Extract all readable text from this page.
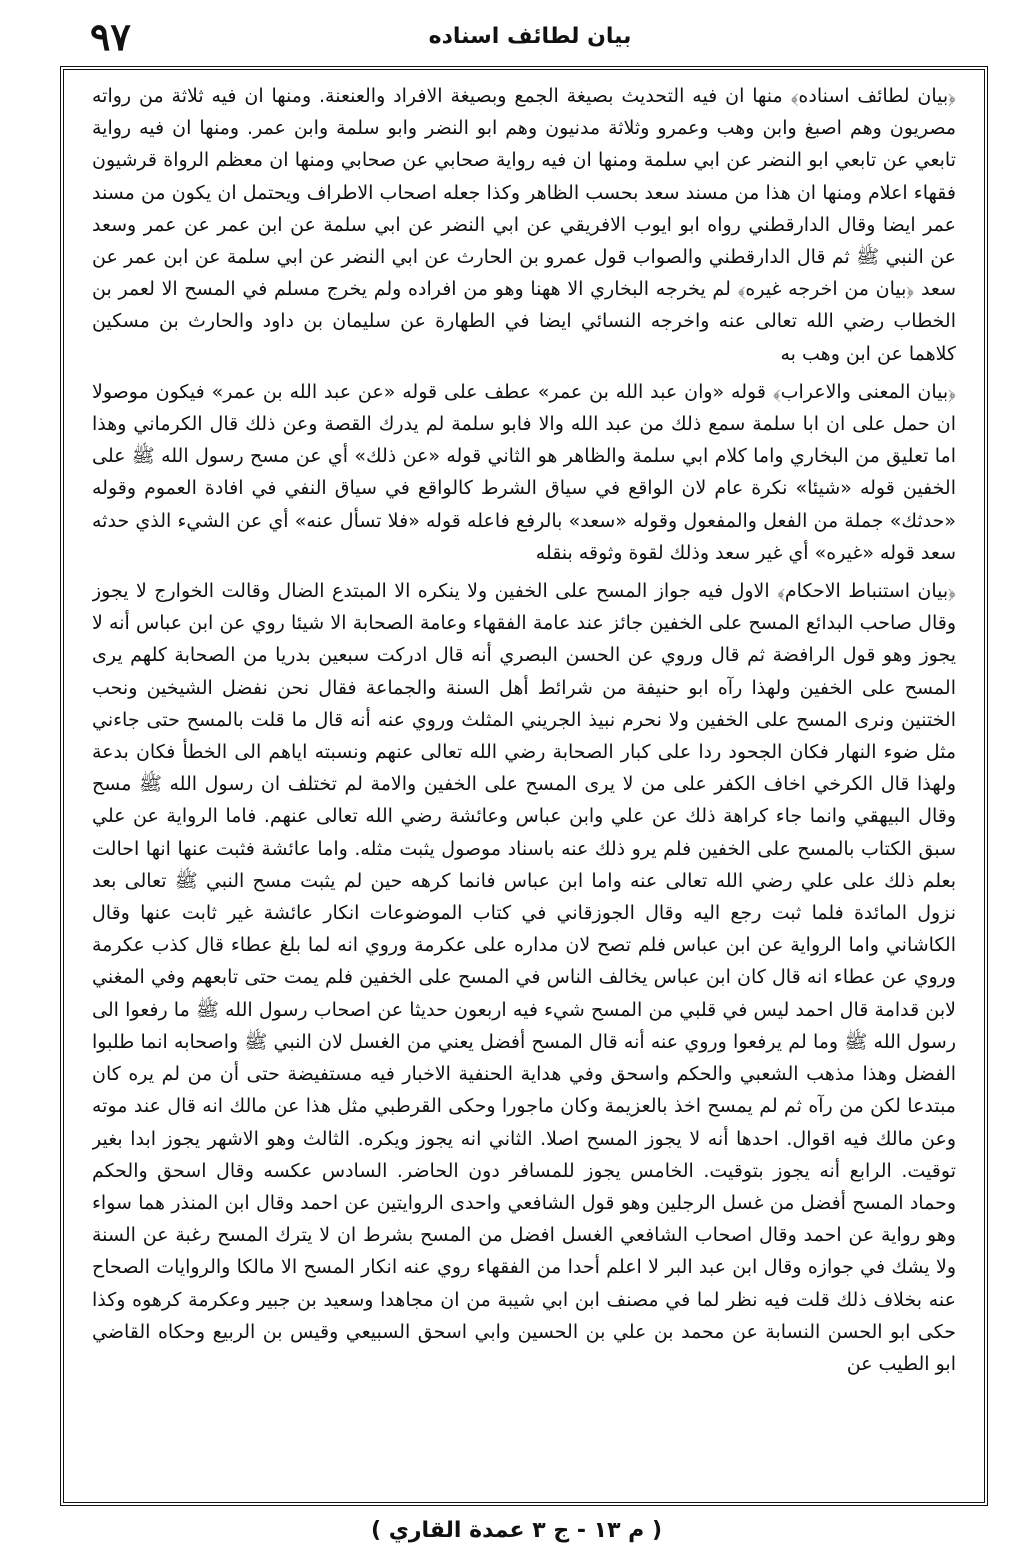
٩٧	بيان لطائف اسناده

﴿بيان لطائف اسناده﴾ منها ان فيه التحديث بصيغة الجمع وبصيغة الافراد والعنعنة. ومنها ان فيه ثلاثة من رواته مصريون وهم اصبغ وابن وهب وعمرو وثلاثة مدنيون وهم ابو النضر وابو سلمة وابن عمر. ومنها ان فيه رواية تابعي عن تابعي ابو النضر عن ابي سلمة ومنها ان فيه رواية صحابي عن صحابي ومنها ان معظم الرواة قرشيون فقهاء اعلام ومنها ان هذا من مسند سعد بحسب الظاهر وكذا جعله اصحاب الاطراف ويحتمل ان يكون من مسند عمر ايضا وقال الدارقطني رواه ابو ايوب الافريقي عن ابي النضر عن ابي سلمة عن ابن عمر عن عمر وسعد عن النبي ﷺ ثم قال الدارقطني والصواب قول عمرو بن الحارث عن ابي النضر عن ابي سلمة عن ابن عمر عن سعد ﴿بيان من اخرجه غيره﴾ لم يخرجه البخاري الا ههنا وهو من افراده ولم يخرج مسلم في المسح الا لعمر بن الخطاب رضي الله تعالى عنه واخرجه النسائي ايضا في الطهارة عن سليمان بن داود والحارث بن مسكين كلاهما عن ابن وهب به

﴿بيان المعنى والاعراب﴾ قوله «وان عبد الله بن عمر» عطف على قوله «عن عبد الله بن عمر» فيكون موصولا ان حمل على ان ابا سلمة سمع ذلك من عبد الله والا فابو سلمة لم يدرك القصة وعن ذلك قال الكرماني وهذا اما تعليق من البخاري واما كلام ابي سلمة والظاهر هو الثاني قوله «عن ذلك» أي عن مسح رسول الله ﷺ على الخفين قوله «شيئا» نكرة عام لان الواقع في سياق الشرط كالواقع في سياق النفي في افادة العموم وقوله «حدثك» جملة من الفعل والمفعول وقوله «سعد» بالرفع فاعله قوله «فلا تسأل عنه» أي عن الشيء الذي حدثه سعد قوله «غيره» أي غير سعد وذلك لقوة وثوقه بنقله

﴿بيان استنباط الاحكام﴾ الاول فيه جواز المسح على الخفين ولا ينكره الا المبتدع الضال وقالت الخوارج لا يجوز وقال صاحب البدائع المسح على الخفين جائز عند عامة الفقهاء وعامة الصحابة الا شيئا روي عن ابن عباس أنه لا يجوز وهو قول الرافضة ثم قال وروي عن الحسن البصري أنه قال ادركت سبعين بدريا من الصحابة كلهم يرى المسح على الخفين ولهذا رآه ابو حنيفة من شرائط أهل السنة والجماعة فقال نحن نفضل الشيخين ونحب الختنين ونرى المسح على الخفين ولا نحرم نبيذ الجريني المثلث وروي عنه أنه قال ما قلت بالمسح حتى جاءني مثل ضوء النهار فكان الجحود ردا على كبار الصحابة رضي الله تعالى عنهم ونسبته اياهم الى الخطأ فكان بدعة ولهذا قال الكرخي اخاف الكفر على من لا يرى المسح على الخفين والامة لم تختلف ان رسول الله ﷺ مسح وقال البيهقي وانما جاء كراهة ذلك عن علي وابن عباس وعائشة رضي الله تعالى عنهم. فاما الرواية عن علي سبق الكتاب بالمسح على الخفين فلم يرو ذلك عنه باسناد موصول يثبت مثله. واما عائشة فثبت عنها انها احالت بعلم ذلك على علي رضي الله تعالى عنه واما ابن عباس فانما كرهه حين لم يثبت مسح النبي ﷺ تعالى بعد نزول المائدة فلما ثبت رجع اليه وقال الجوزقاني في كتاب الموضوعات انكار عائشة غير ثابت عنها وقال الكاشاني واما الرواية عن ابن عباس فلم تصح لان مداره على عكرمة وروي انه لما بلغ عطاء قال كذب عكرمة وروي عن عطاء انه قال كان ابن عباس يخالف الناس في المسح على الخفين فلم يمت حتى تابعهم وفي المغني لابن قدامة قال احمد ليس في قلبي من المسح شيء فيه اربعون حديثا عن اصحاب رسول الله ﷺ ما رفعوا الى رسول الله ﷺ وما لم يرفعوا وروي عنه أنه قال المسح أفضل يعني من الغسل لان النبي ﷺ واصحابه انما طلبوا الفضل وهذا مذهب الشعبي والحكم واسحق وفي هداية الحنفية الاخبار فيه مستفيضة حتى أن من لم يره كان مبتدعا لكن من رآه ثم لم يمسح اخذ بالعزيمة وكان ماجورا وحكى القرطبي مثل هذا عن مالك انه قال عند موته وعن مالك فيه اقوال. احدها أنه لا يجوز المسح اصلا. الثاني انه يجوز ويكره. الثالث وهو الاشهر يجوز ابدا بغير توقيت. الرابع أنه يجوز بتوقيت. الخامس يجوز للمسافر دون الحاضر. السادس عكسه وقال اسحق والحكم وحماد المسح أفضل من غسل الرجلين وهو قول الشافعي واحدى الروايتين عن احمد وقال ابن المنذر هما سواء وهو رواية عن احمد وقال اصحاب الشافعي الغسل افضل من المسح بشرط ان لا يترك المسح رغبة عن السنة ولا يشك في جوازه وقال ابن عبد البر لا اعلم أحدا من الفقهاء روي عنه انكار المسح الا مالكا والروايات الصحاح عنه بخلاف ذلك قلت فيه نظر لما في مصنف ابن ابي شيبة من ان مجاهدا وسعيد بن جبير وعكرمة كرهوه وكذا حكى ابو الحسن النسابة عن محمد بن علي بن الحسين وابي اسحق السبيعي وقيس بن الربيع وحكاه القاضي ابو الطيب عن

( م ١٣ - ج ٣ عمدة القاري )
